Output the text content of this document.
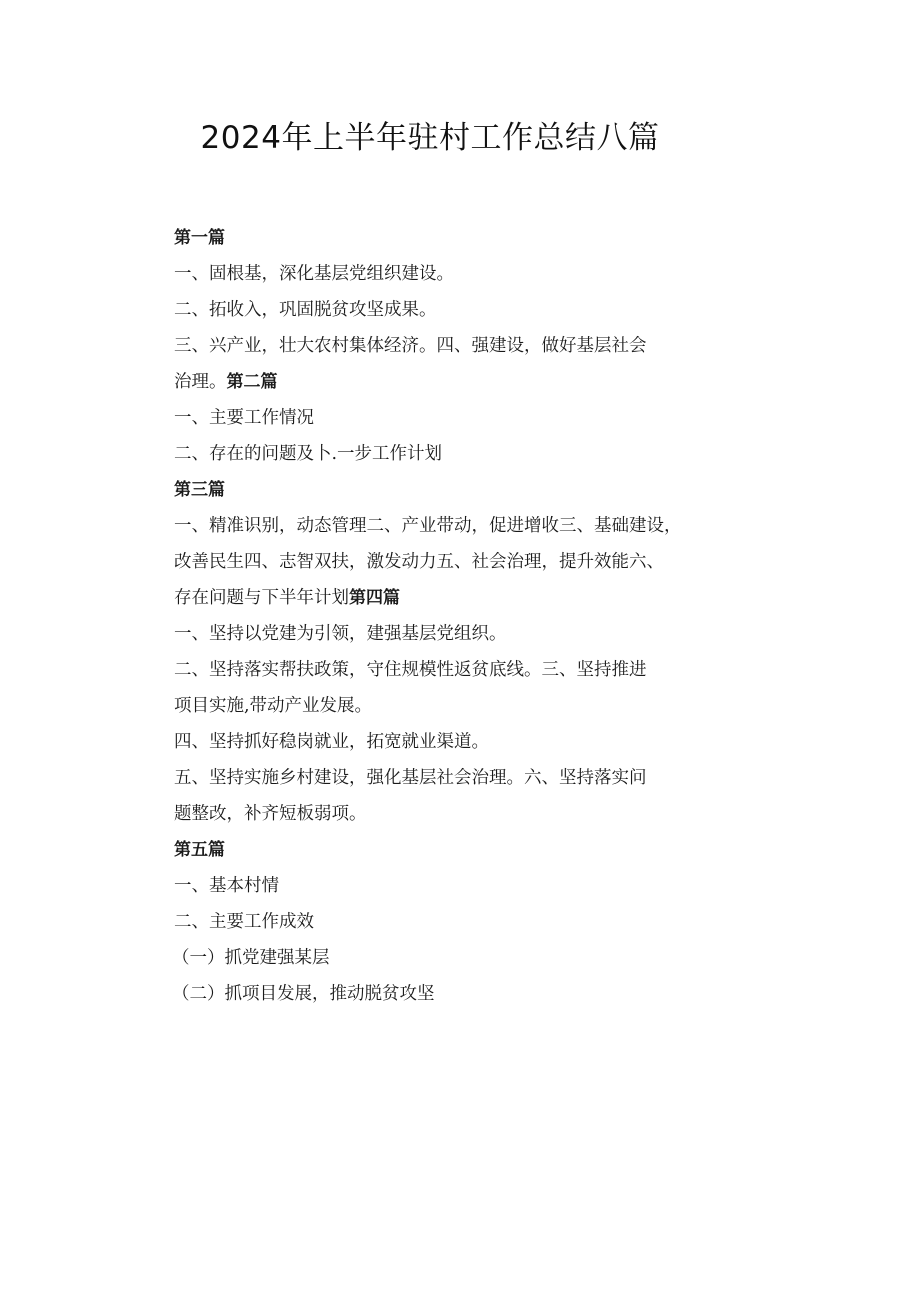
2024年上半年驻村工作总结八篇
第一篇
一、固根基，深化基层党组织建设。
二、拓收入，巩固脱贫攻坚成果。
三、兴产业，壮大农村集体经济。四、强建设，做好基层社会
治理。第二篇
一、主要工作情况
二、存在的问题及卜.一步工作计划
第三篇
一、精准识别，动态管理二、产业带动，促进增收三、基础建设，
改善民生四、志智双扶，激发动力五、社会治理，提升效能六、
存在问题与下半年计划第四篇
一、坚持以党建为引领，建强基层党组织。
二、坚持落实帮扶政策，守住规模性返贫底线。三、坚持推进
项目实施,带动产业发展。
四、坚持抓好稳岗就业，拓宽就业渠道。
五、坚持实施乡村建设，强化基层社会治理。六、坚持落实问
题整改，补齐短板弱项。
第五篇
一、基本村情
二、主要工作成效
（一）抓党建强某层
（二）抓项目发展，推动脱贫攻坚
